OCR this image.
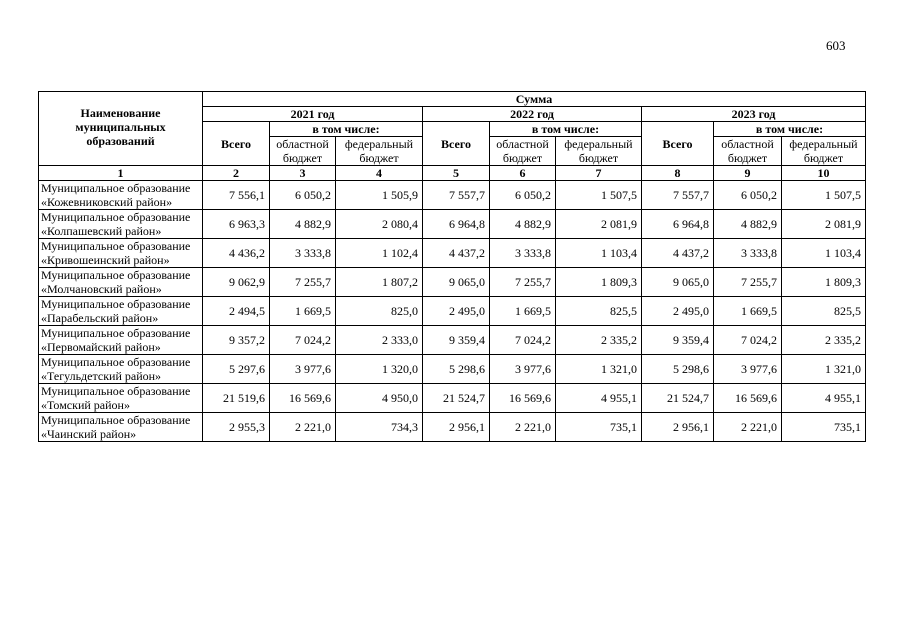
603
Наименование муниципальных образований	Сумма								
	2021 год			2022 год			2023 год		
	Всего	в том числе:		Всего	в том числе:		Всего	в том числе:	
		областной бюджет	федеральный бюджет		областной бюджет	федеральный бюджет		областной бюджет	федеральный бюджет
1	2	3	4	5	6	7	8	9	10
Муниципальное образование «Кожевниковский район»	7 556,1	6 050,2	1 505,9	7 557,7	6 050,2	1 507,5	7 557,7	6 050,2	1 507,5
Муниципальное образование «Колпашевский район»	6 963,3	4 882,9	2 080,4	6 964,8	4 882,9	2 081,9	6 964,8	4 882,9	2 081,9
Муниципальное образование «Кривошеинский район»	4 436,2	3 333,8	1 102,4	4 437,2	3 333,8	1 103,4	4 437,2	3 333,8	1 103,4
Муниципальное образование «Молчановский район»	9 062,9	7 255,7	1 807,2	9 065,0	7 255,7	1 809,3	9 065,0	7 255,7	1 809,3
Муниципальное образование «Парабельский район»	2 494,5	1 669,5	825,0	2 495,0	1 669,5	825,5	2 495,0	1 669,5	825,5
Муниципальное образование «Первомайский район»	9 357,2	7 024,2	2 333,0	9 359,4	7 024,2	2 335,2	9 359,4	7 024,2	2 335,2
Муниципальное образование «Тегульдетский район»	5 297,6	3 977,6	1 320,0	5 298,6	3 977,6	1 321,0	5 298,6	3 977,6	1 321,0
Муниципальное образование «Томский район»	21 519,6	16 569,6	4 950,0	21 524,7	16 569,6	4 955,1	21 524,7	16 569,6	4 955,1
Муниципальное образование «Чаинский район»	2 955,3	2 221,0	734,3	2 956,1	2 221,0	735,1	2 956,1	2 221,0	735,1
